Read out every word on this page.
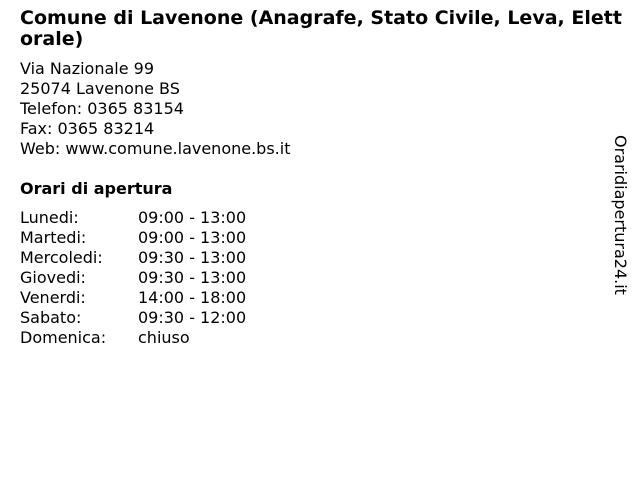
Comune di Lavenone (Anagrafe, Stato Civile, Leva, Elettorale)
Via Nazionale 99
25074 Lavenone BS
Telefon: 0365 83154
Fax: 0365 83214
Web: www.comune.lavenone.bs.it
Orari di apertura
Lunedi:	09:00 - 13:00
Martedi:	09:00 - 13:00
Mercoledi:	09:30 - 13:00
Giovedi:	09:30 - 13:00
Venerdi:	14:00 - 18:00
Sabato:	09:30 - 12:00
Domenica:	chiuso
Oraridiapertura24.it
